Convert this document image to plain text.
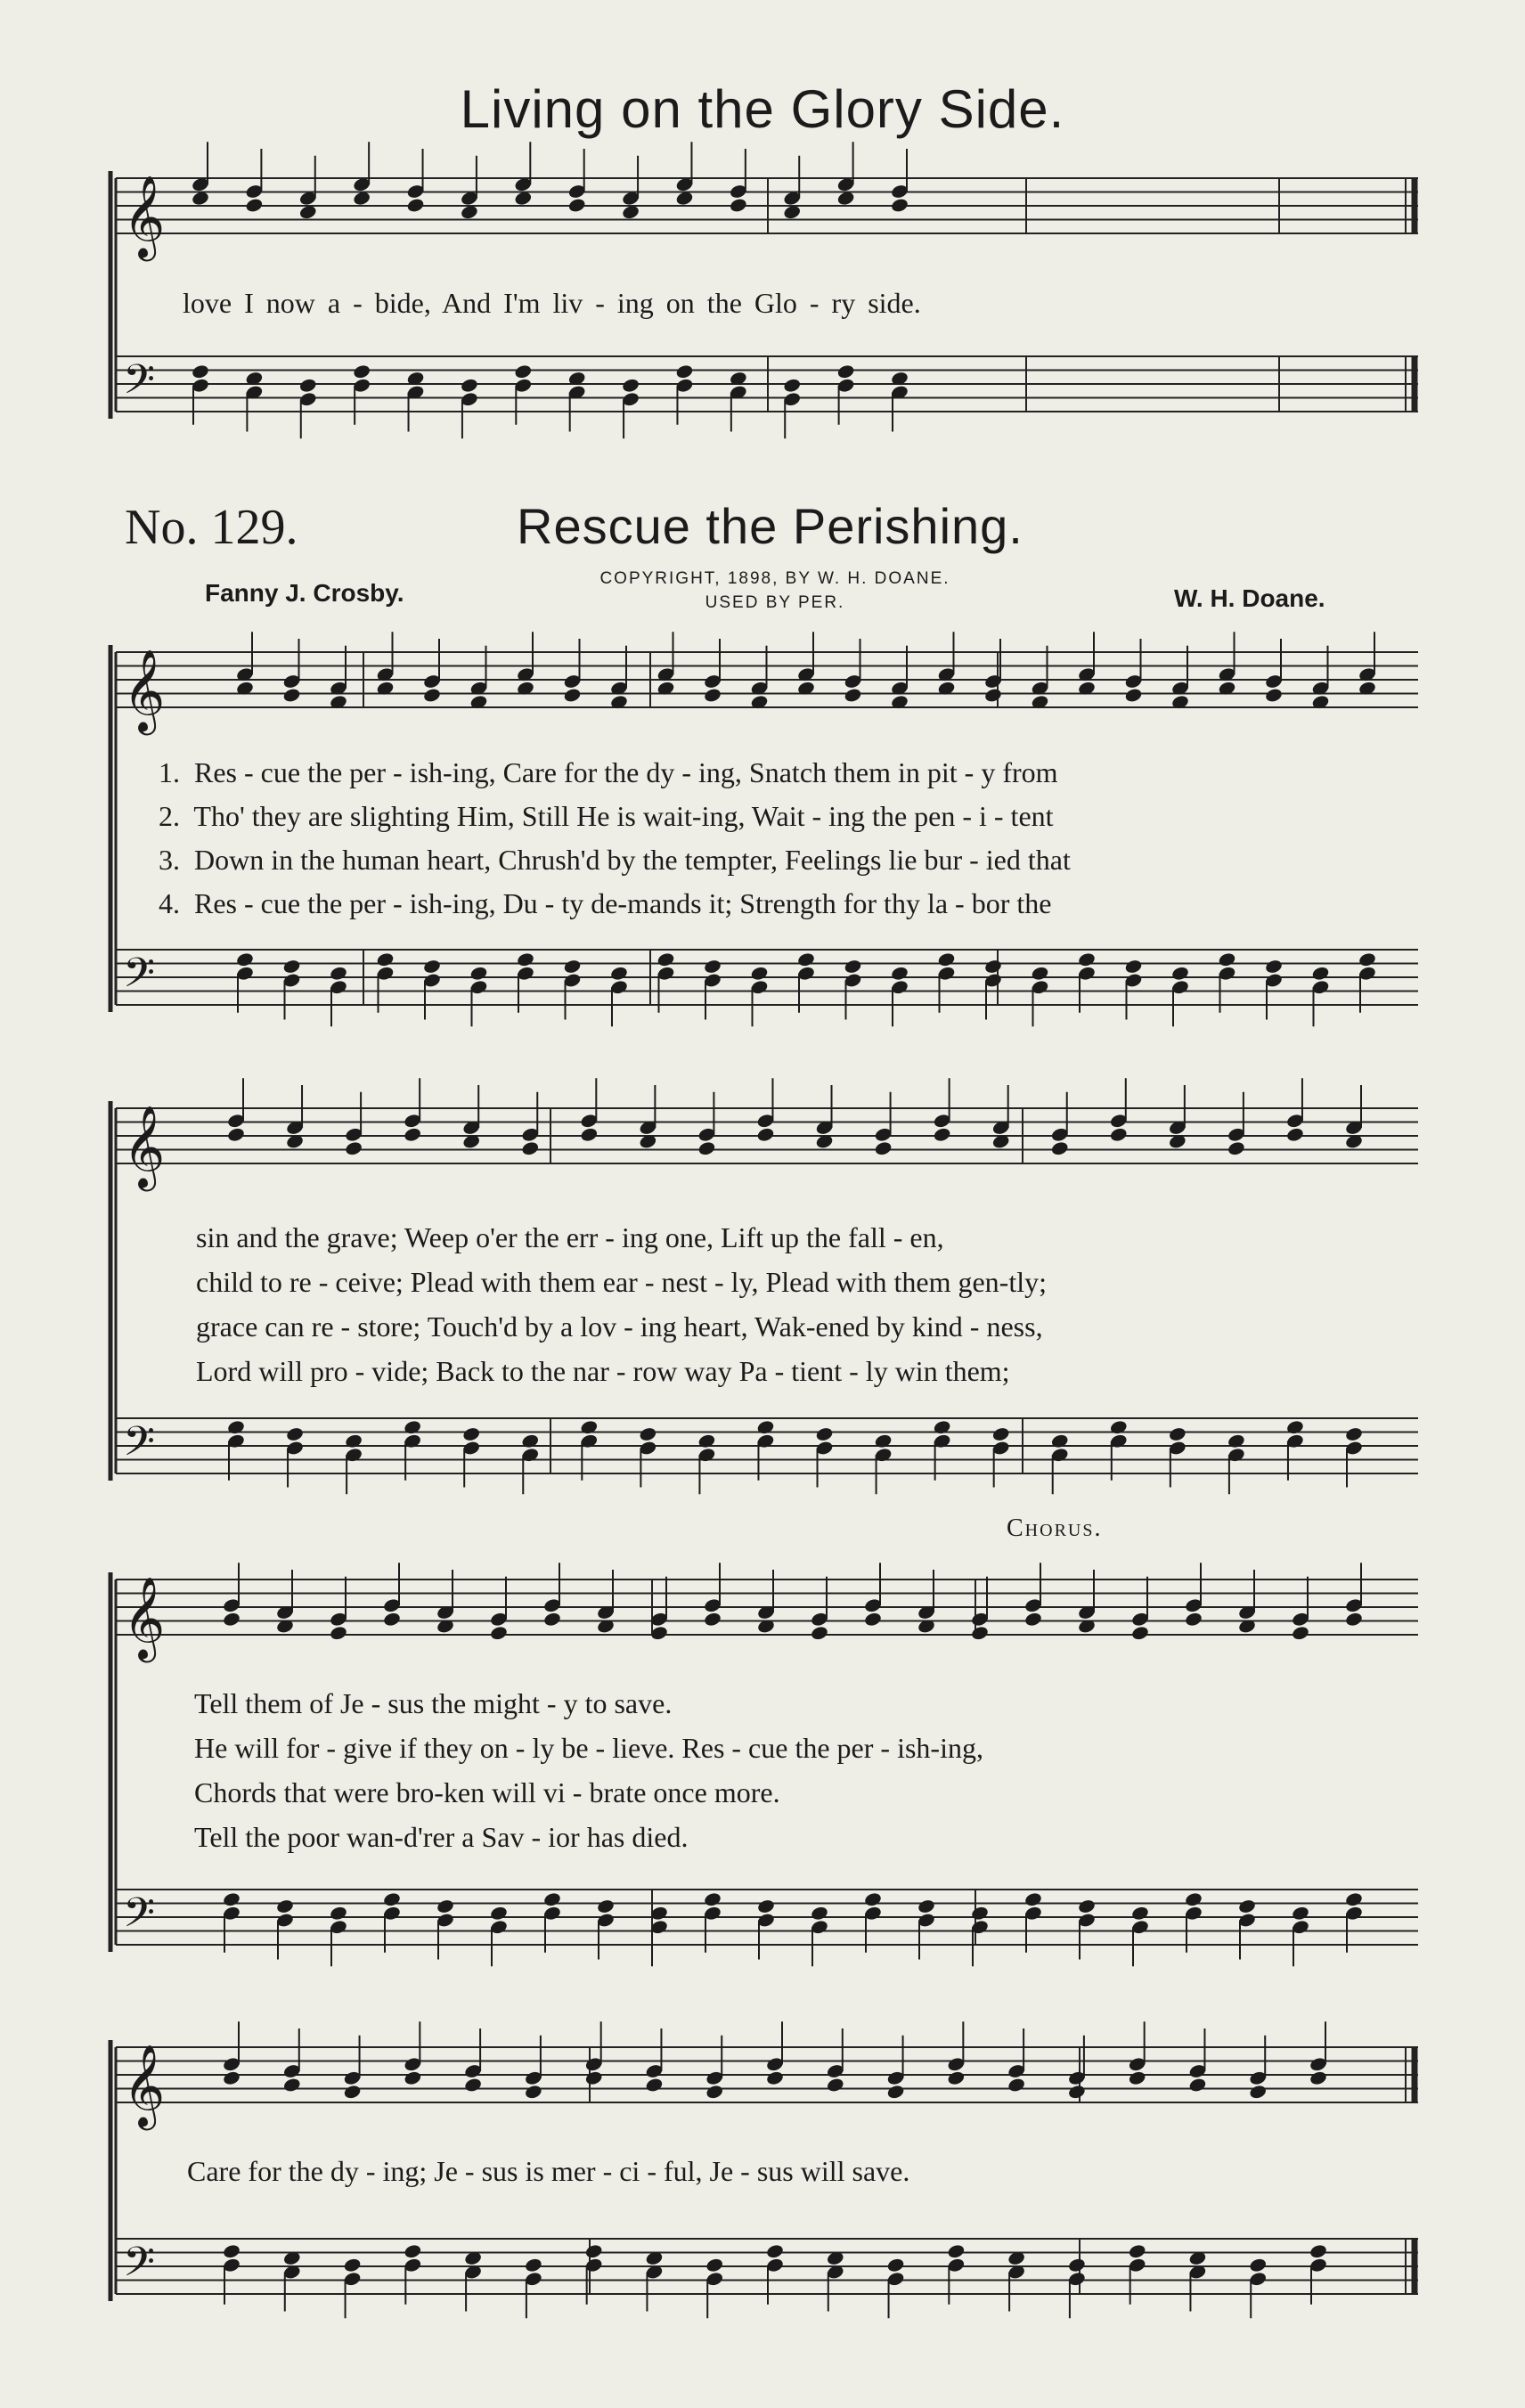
𝄞
𝄢
𝄞
𝄢
𝄞
𝄢
𝄞
𝄢
𝄞
𝄢
Living on the Glory Side.
love I now a - bide, And I'm liv - ing on the Glo - ry side.
No. 129.	Rescue the Perishing.
COPYRIGHT, 1898, BY W. H. DOANE.
USED BY PER.
Fanny J. Crosby.	W. H. Doane.
1.  Res - cue the per - ish-ing, Care for the dy - ing, Snatch them in pit - y from
2.  Tho' they are slighting Him, Still He is wait-ing, Wait - ing the pen - i - tent
3.  Down in the human heart, Chrush'd by the tempter, Feelings lie bur - ied that
4.  Res - cue the per - ish-ing, Du - ty de-mands it; Strength for thy la - bor the
sin and the grave; Weep o'er the err - ing one, Lift up the fall - en,
child to re - ceive; Plead with them ear - nest - ly, Plead with them gen-tly;
grace can re - store; Touch'd by a lov - ing heart, Wak-ened by kind - ness,
Lord will pro - vide; Back to the nar - row way Pa - tient - ly win them;
Chorus.
Tell them of Je - sus the might - y to save.
He will for - give if they on - ly be - lieve. Res - cue the per - ish-ing,
Chords that were bro-ken will vi - brate once more.
Tell the poor wan-d'rer a Sav - ior has died.
Care for the dy - ing; Je - sus is mer - ci - ful, Je - sus will save.
